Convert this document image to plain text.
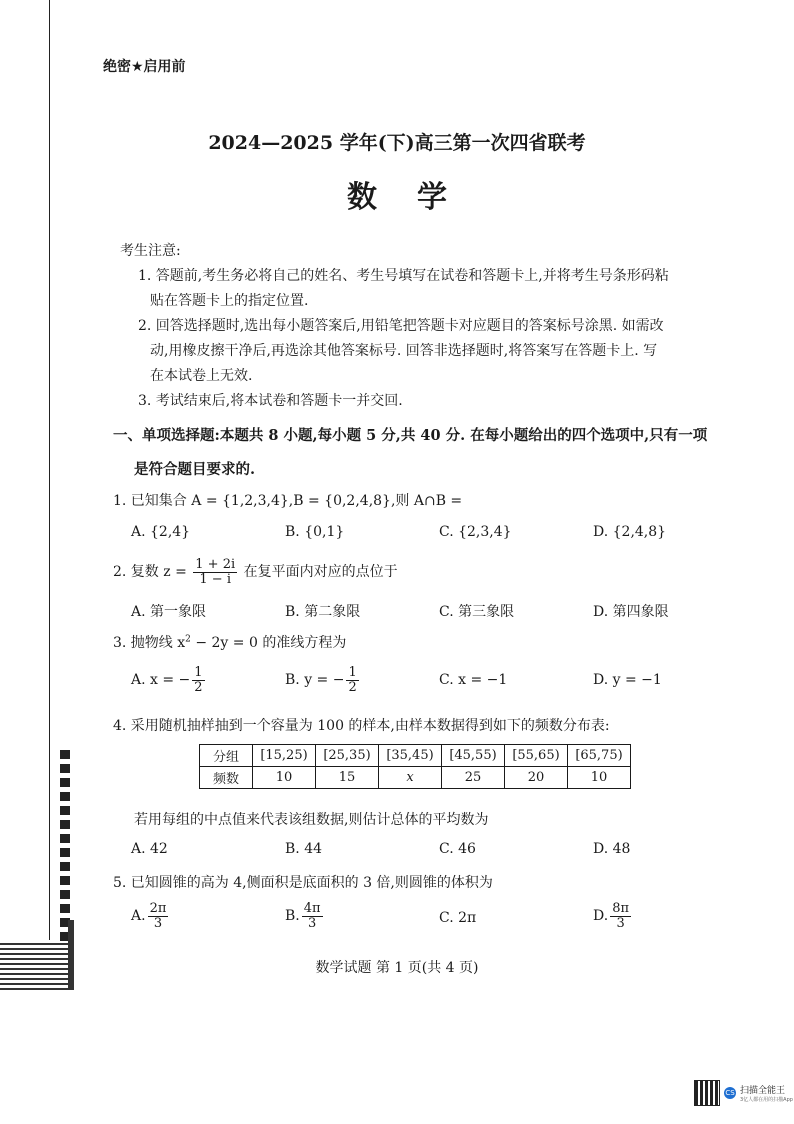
绝密★启用前
2024—2025 学年(下)高三第一次四省联考
数学
考生注意:
1. 答题前,考生务必将自己的姓名、考生号填写在试卷和答题卡上,并将考生号条形码粘
贴在答题卡上的指定位置.
2. 回答选择题时,选出每小题答案后,用铅笔把答题卡对应题目的答案标号涂黑. 如需改
动,用橡皮擦干净后,再选涂其他答案标号. 回答非选择题时,将答案写在答题卡上. 写
在本试卷上无效.
3. 考试结束后,将本试卷和答题卡一并交回.
一、单项选择题:本题共 8 小题,每小题 5 分,共 40 分. 在每小题给出的四个选项中,只有一项
是符合题目要求的.
1. 已知集合 A = {1,2,3,4},B = {0,2,4,8},则 A∩B =
A. {2,4}	B. {0,1}	C. {2,3,4}	D. {2,4,8}
2. 复数 $z = \frac{1 + 2i}{1 - i}$ 在复平面内对应的点位于
A. 第一象限	B. 第二象限	C. 第三象限	D. 第四象限
3. 抛物线 $x^2 - 2y = 0$ 的准线方程为
A. x = − $\frac{1}{2}$	B. y = − $\frac{1}{2}$	C. x = −1	D. y = −1
4. 采用随机抽样抽到一个容量为 100 的样本,由样本数据得到如下的频数分布表:
分组	[15,25)	[25,35)	[35,45)	[45,55)	[55,65)	[65,75)
频数	10	15	x	25	20	10
若用每组的中点值来代表该组数据,则估计总体的平均数为
A. 42	B. 44	C. 46	D. 48
5. 已知圆锥的高为 4,侧面积是底面积的 3 倍,则圆锥的体积为
A. $\frac{2\pi}{3}$	B. $\frac{4\pi}{3}$	C. 2π	D. $\frac{8\pi}{3}$
数学试题 第 1 页(共 4 页)
CS 扫描全能王
3亿人都在用的扫描App
